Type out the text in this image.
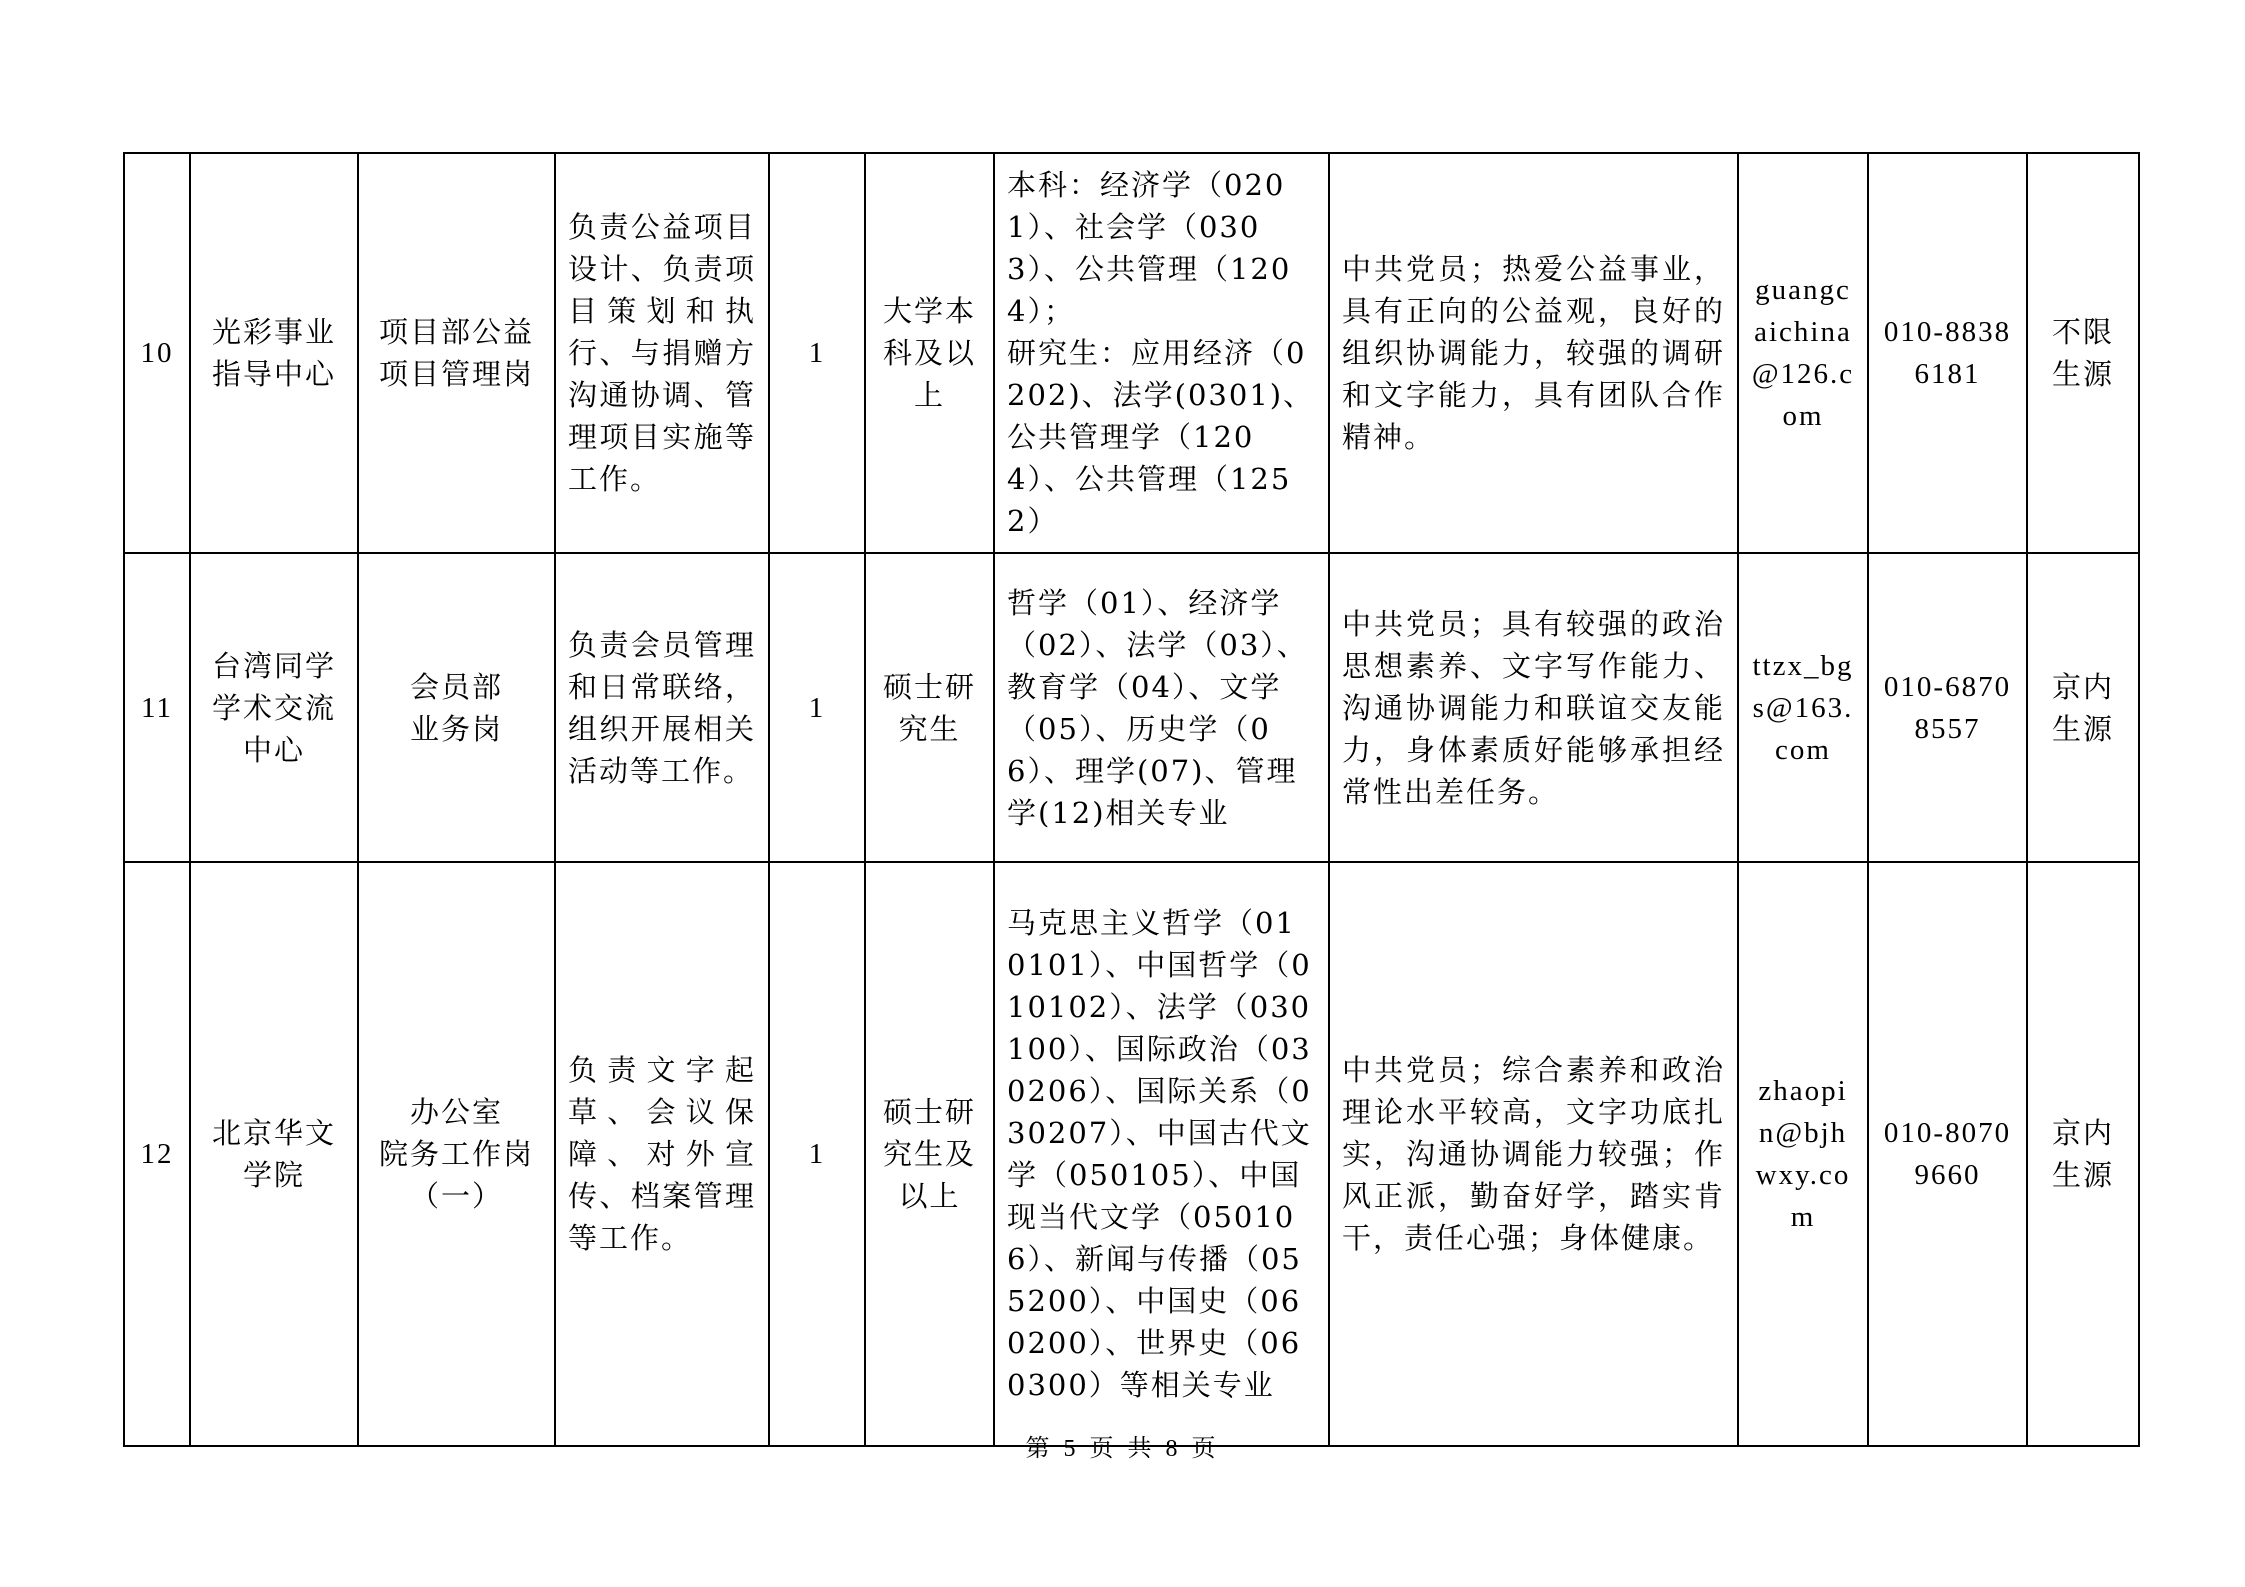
10	光彩事业指导中心	项目部公益项目管理岗	负责公益项目设计、负责项目策划和执行、与捐赠方沟通协调、管理项目实施等工作。	1	大学本科及以上	本科：经济学（0201）、社会学（0303）、公共管理（1204）；
研究生：应用经济（0202)、法学(0301)、公共管理学（1204）、公共管理（1252）	中共党员；热爱公益事业，具有正向的公益观，良好的组织协调能力，较强的调研和文字能力，具有团队合作精神。	guangcaichina@126.com	010-88386181	不限生源
11	台湾同学学术交流中心	会员部
业务岗	负责会员管理和日常联络，组织开展相关活动等工作。	1	硕士研究生	哲学（01）、经济学（02）、法学（03）、教育学（04）、文学（05）、历史学（06）、理学(07)、管理学(12)相关专业	中共党员；具有较强的政治思想素养、文字写作能力、沟通协调能力和联谊交友能力，身体素质好能够承担经常性出差任务。	ttzx_bgs@163.com	010-68708557	京内生源
12	北京华文学院	办公室
院务工作岗
（一）	负责文字起草、会议保障、对外宣传、档案管理等工作。	1	硕士研究生及以上	马克思主义哲学（010101）、中国哲学（010102）、法学（030100）、国际政治（030206）、国际关系（030207）、中国古代文学（050105）、中国现当代文学（050106）、新闻与传播（055200）、中国史（060200）、世界史（060300）等相关专业	中共党员；综合素养和政治理论水平较高，文字功底扎实，沟通协调能力较强；作风正派，勤奋好学，踏实肯干，责任心强；身体健康。	zhaopin@bjhwxy.com	010-80709660	京内生源
第 5 页 共 8 页
